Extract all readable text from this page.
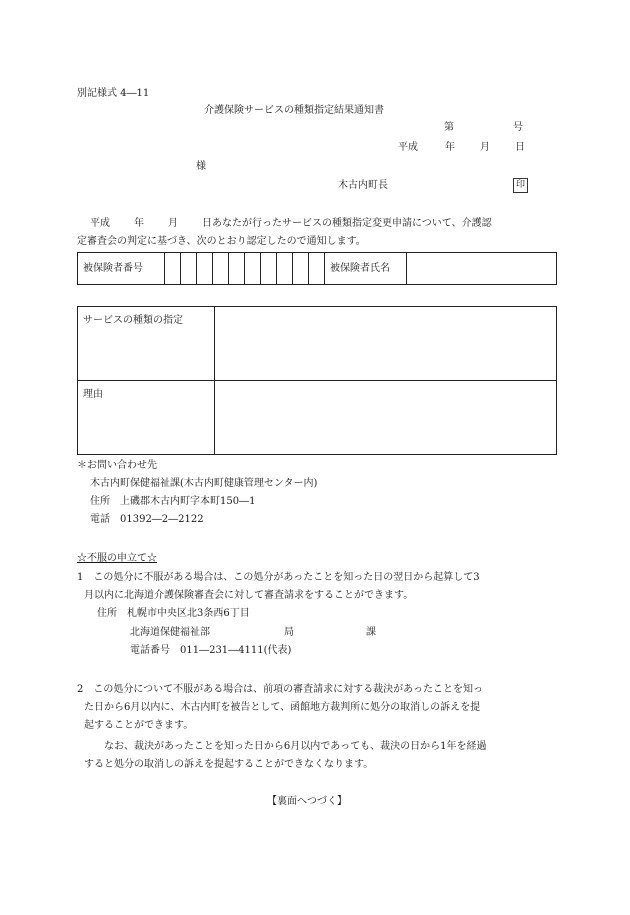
別記様式 4―11
介護保険サービスの種類指定結果通知書
第	号
平成	年	月	日
様
木古内町長	印
平成 年 月 日あなたが行ったサービスの種類指定変更申請について、介護認
定審査会の判定に基づき、次のとおり認定したので通知します。
被保険者番号											被保険者氏名	
サービスの種類の指定	
理由	
＊お問い合わせ先
木古内町保健福祉課(木古内町健康管理センター内)
住所 上磯郡木古内町字本町150―1
電話 01392―2―2122
☆不服の申立て☆
1　この処分に不服がある場合は、この処分があったことを知った日の翌日から起算して3
月以内に北海道介護保険審査会に対して審査請求をすることができます。
住所 札幌市中央区北3条西6丁目
北海道保健福祉部	局	課
電話番号 011―231―4111(代表)
2　この処分について不服がある場合は、前項の審査請求に対する裁決があったことを知っ
た日から6月以内に、木古内町を被告として、函館地方裁判所に処分の取消しの訴えを提
起することができます。
なお、裁決があったことを知った日から6月以内であっても、裁決の日から1年を経過
すると処分の取消しの訴えを提起することができなくなります。
【裏面へつづく】
